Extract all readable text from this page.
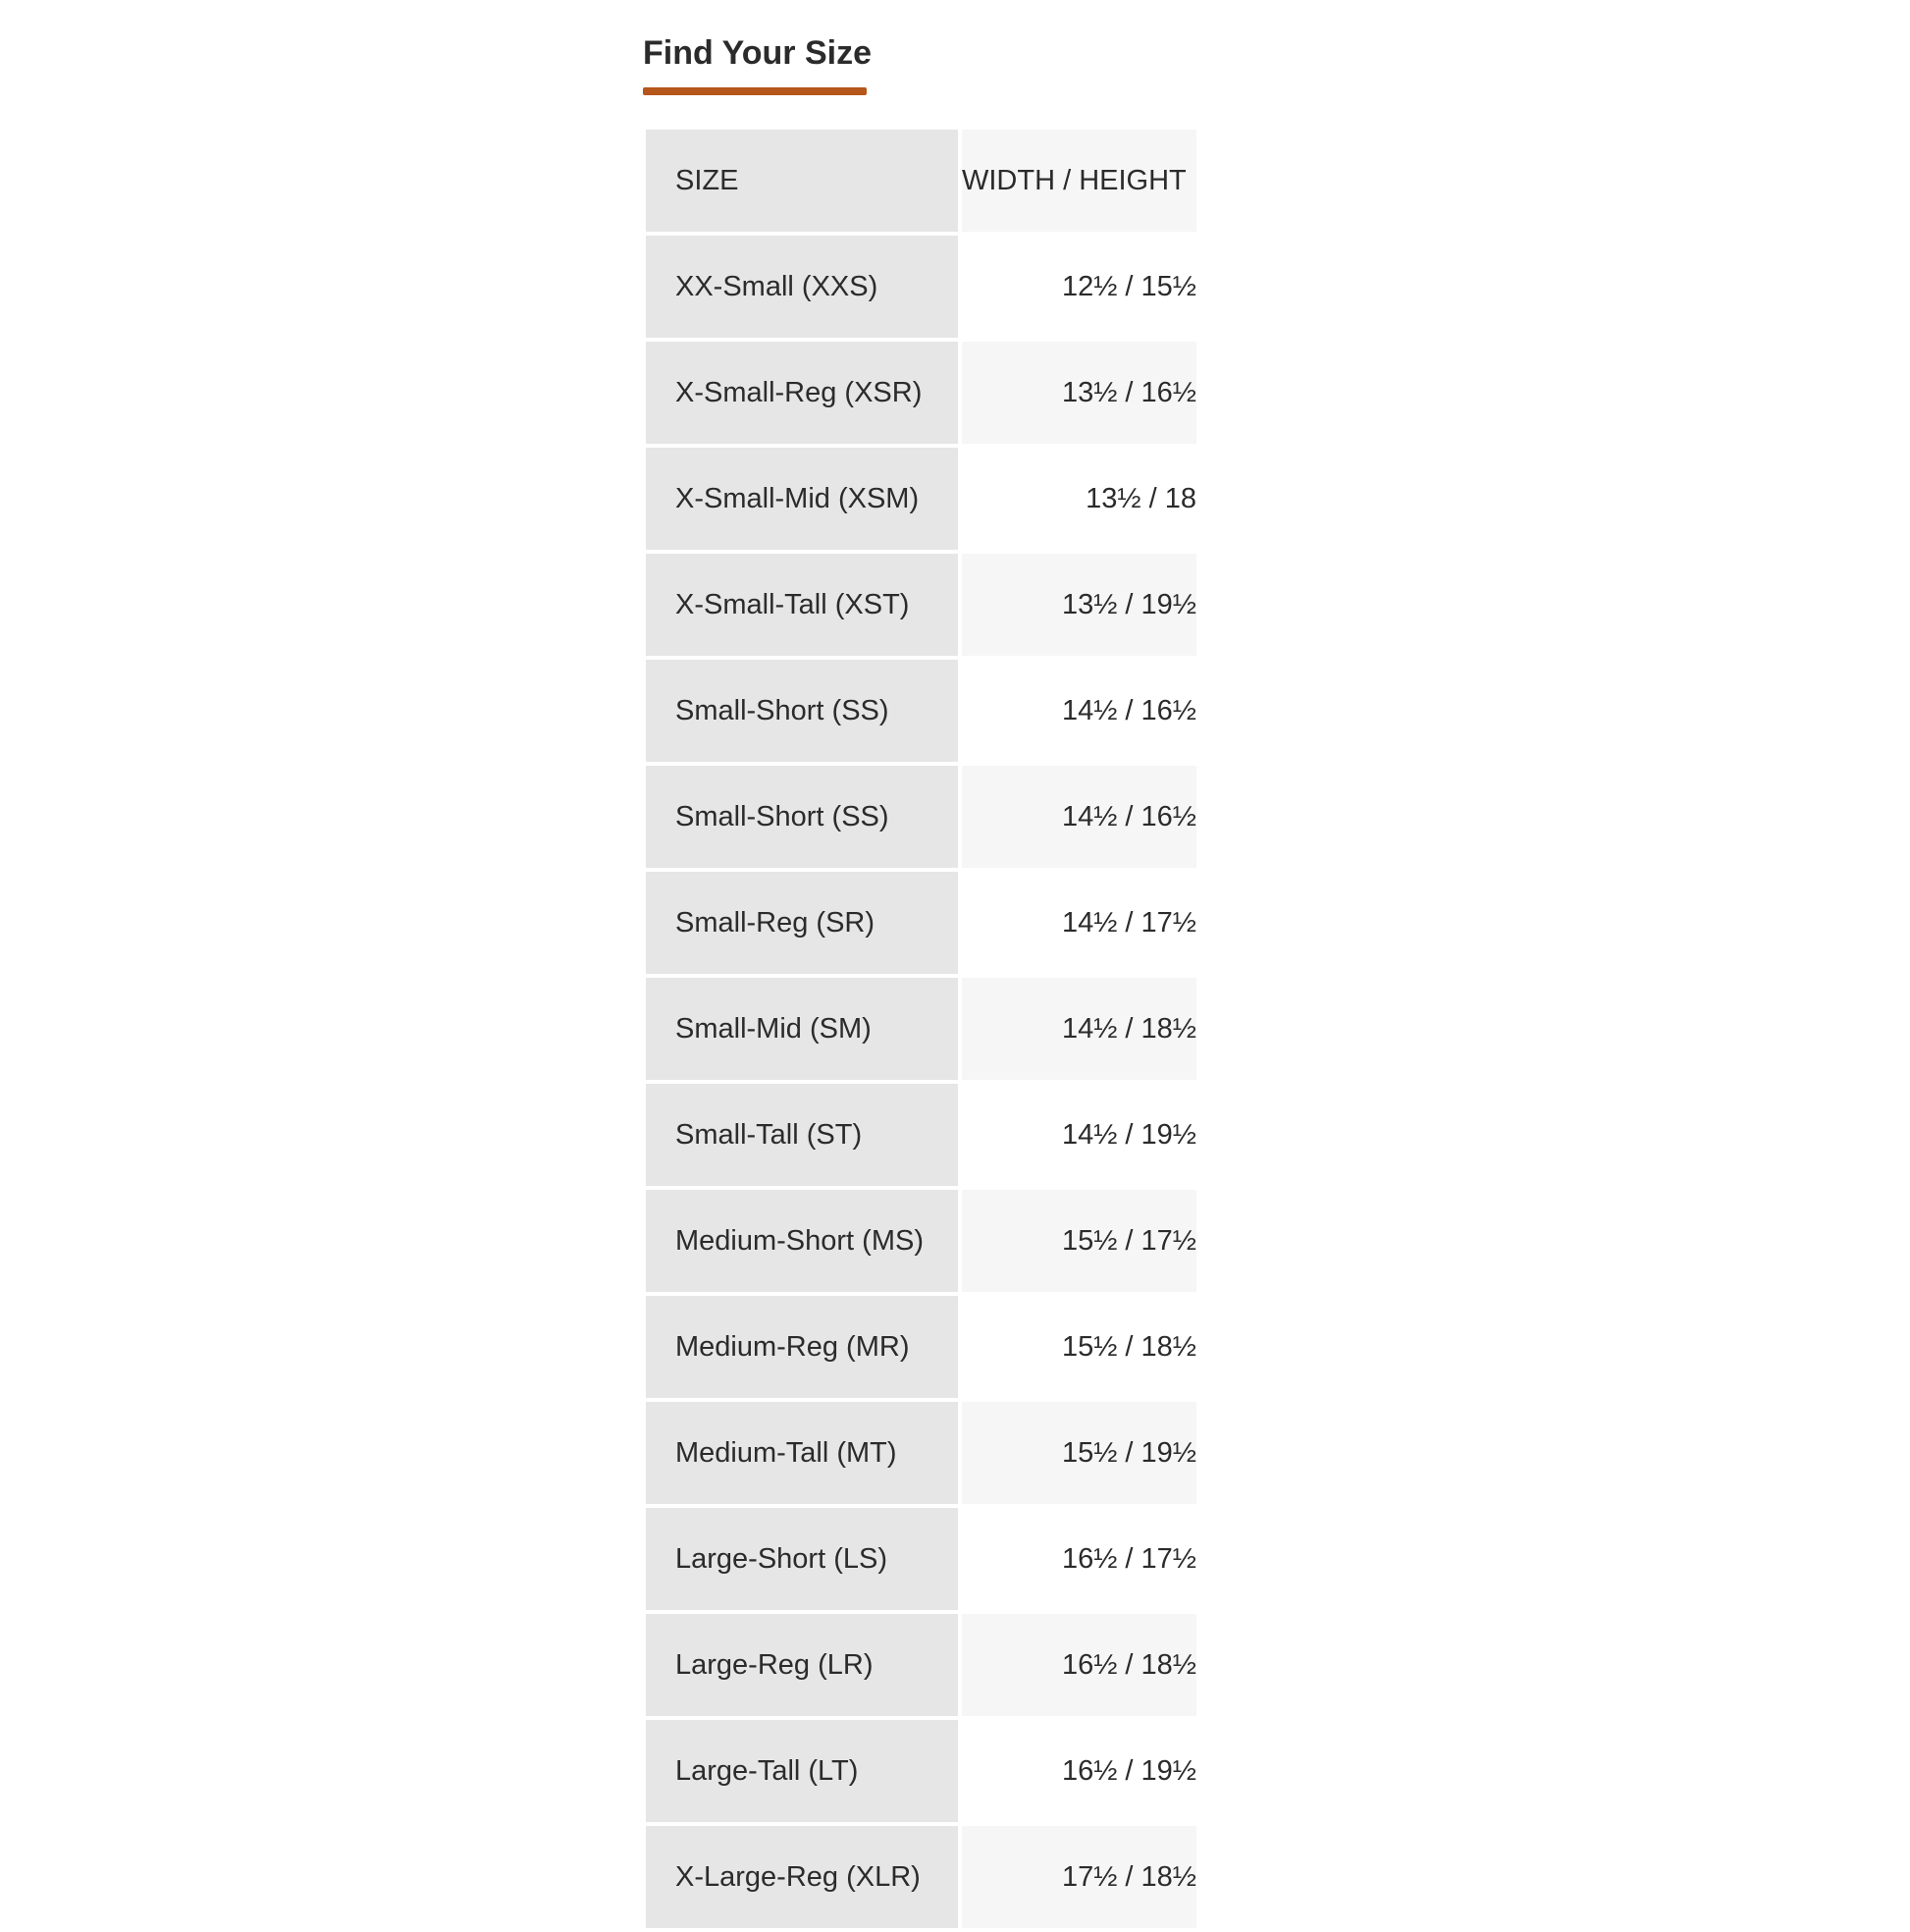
Find Your Size
SIZE	WIDTH / HEIGHT
XX-Small (XXS)	12½ / 15½
X-Small-Reg (XSR)	13½ / 16½
X-Small-Mid (XSM)	13½ / 18
X-Small-Tall (XST)	13½ / 19½
Small-Short (SS)	14½ / 16½
Small-Short (SS)	14½ / 16½
Small-Reg (SR)	14½ / 17½
Small-Mid (SM)	14½ / 18½
Small-Tall (ST)	14½ / 19½
Medium-Short (MS)	15½ / 17½
Medium-Reg (MR)	15½ / 18½
Medium-Tall (MT)	15½ / 19½
Large-Short (LS)	16½ / 17½
Large-Reg (LR)	16½ / 18½
Large-Tall (LT)	16½ / 19½
X-Large-Reg (XLR)	17½ / 18½
